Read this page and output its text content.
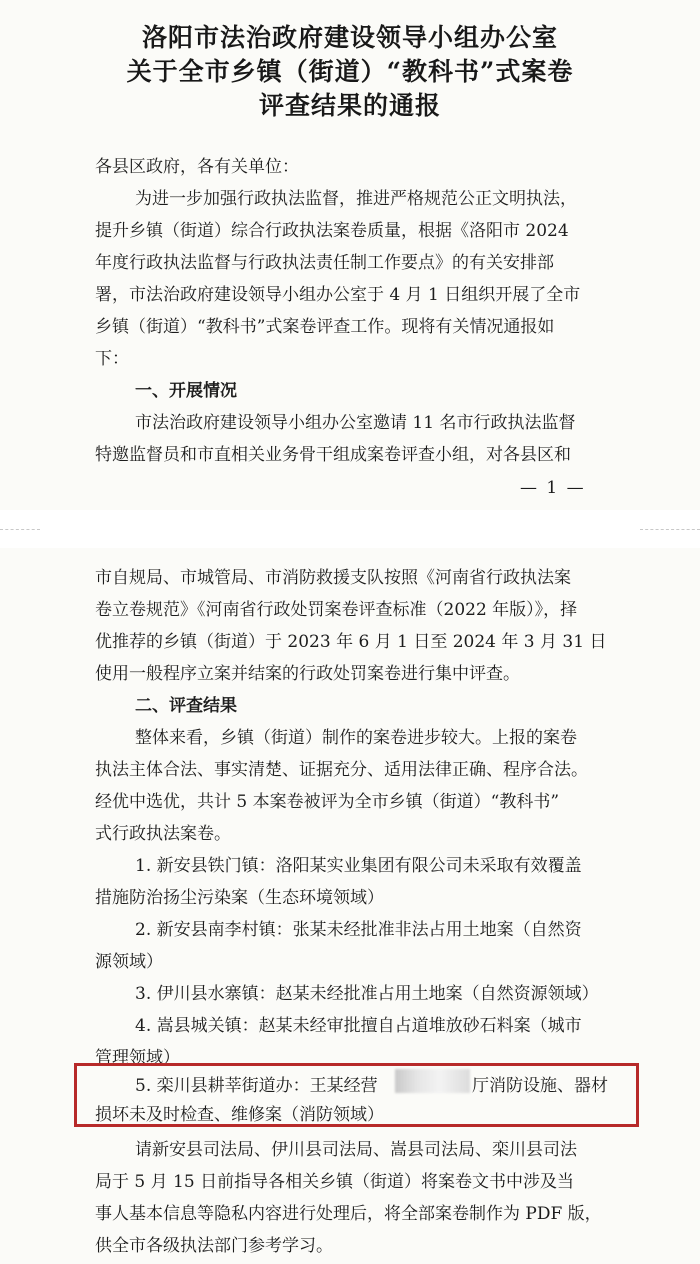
洛阳市法治政府建设领导小组办公室
关于全市乡镇（街道）“教科书”式案卷
评查结果的通报
各县区政府，各有关单位：
为进一步加强行政执法监督，推进严格规范公正文明执法，
提升乡镇（街道）综合行政执法案卷质量，根据《洛阳市 2024
年度行政执法监督与行政执法责任制工作要点》的有关安排部
署，市法治政府建设领导小组办公室于 4 月 1 日组织开展了全市
乡镇（街道）“教科书”式案卷评查工作。现将有关情况通报如
下：
一、开展情况
市法治政府建设领导小组办公室邀请 11 名市行政执法监督
特邀监督员和市直相关业务骨干组成案卷评查小组，对各县区和
— 1 —
市自规局、市城管局、市消防救援支队按照《河南省行政执法案
卷立卷规范》《河南省行政处罚案卷评查标准（2022 年版）》，择
优推荐的乡镇（街道）于 2023 年 6 月 1 日至 2024 年 3 月 31 日
使用一般程序立案并结案的行政处罚案卷进行集中评查。
二、评查结果
整体来看，乡镇（街道）制作的案卷进步较大。上报的案卷
执法主体合法、事实清楚、证据充分、适用法律正确、程序合法。
经优中选优，共计 5 本案卷被评为全市乡镇（街道）“教科书”
式行政执法案卷。
1. 新安县铁门镇：洛阳某实业集团有限公司未采取有效覆盖
措施防治扬尘污染案（生态环境领域）
2. 新安县南李村镇：张某未经批准非法占用土地案（自然资
源领域）
3. 伊川县水寨镇：赵某未经批准占用土地案（自然资源领域）
4. 嵩县城关镇：赵某未经审批擅自占道堆放砂石料案（城市
管理领域）
5. 栾川县耕莘街道办：王某经营	厅消防设施、器材
损坏未及时检查、维修案（消防领域）
请新安县司法局、伊川县司法局、嵩县司法局、栾川县司法
局于 5 月 15 日前指导各相关乡镇（街道）将案卷文书中涉及当
事人基本信息等隐私内容进行处理后，将全部案卷制作为 PDF 版，
供全市各级执法部门参考学习。
